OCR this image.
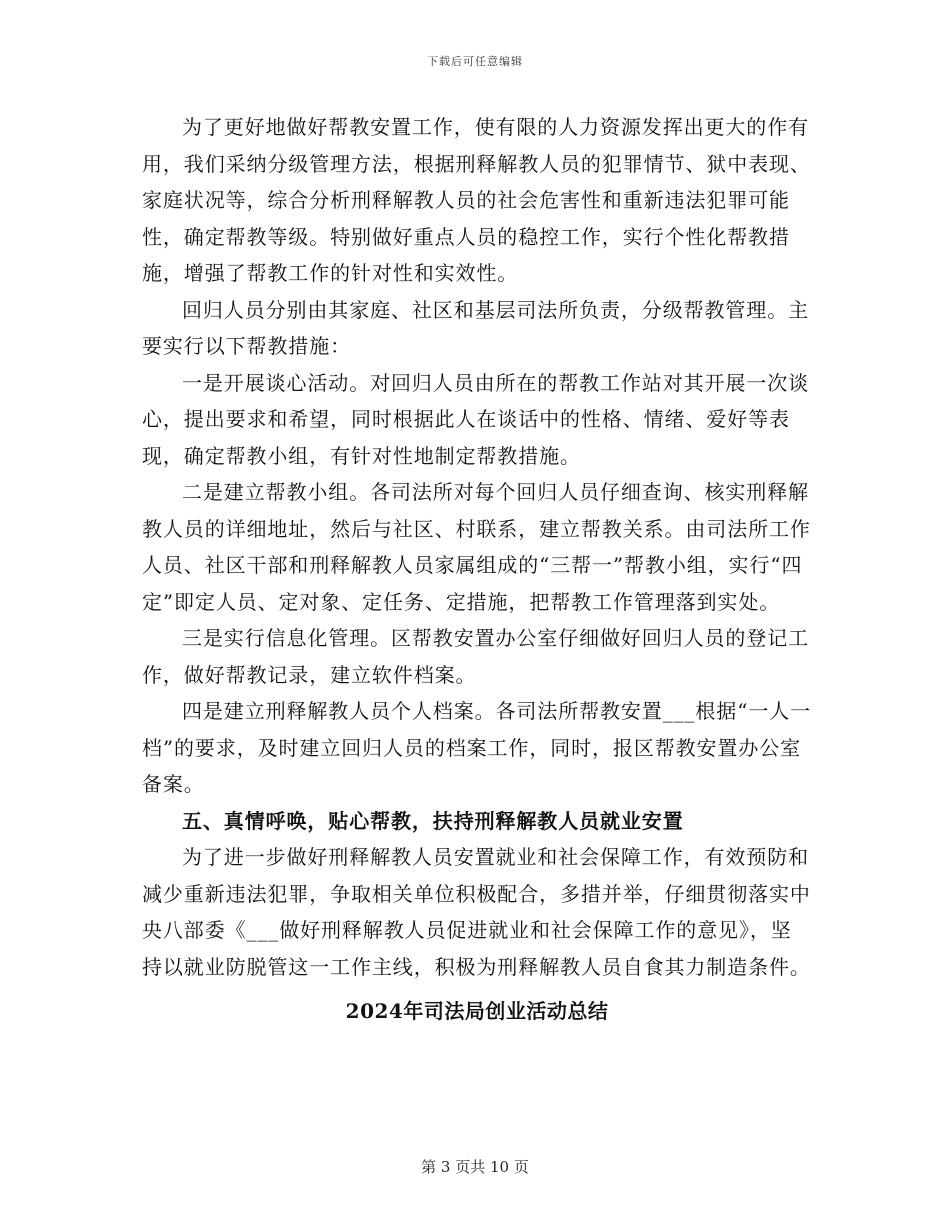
下载后可任意编辑

为了更好地做好帮教安置工作，使有限的人力资源发挥出更大的作有用，我们采纳分级管理方法，根据刑释解教人员的犯罪情节、狱中表现、家庭状况等，综合分析刑释解教人员的社会危害性和重新违法犯罪可能性，确定帮教等级。特别做好重点人员的稳控工作，实行个性化帮教措施，增强了帮教工作的针对性和实效性。

回归人员分别由其家庭、社区和基层司法所负责，分级帮教管理。主要实行以下帮教措施：

一是开展谈心活动。对回归人员由所在的帮教工作站对其开展一次谈心，提出要求和希望，同时根据此人在谈话中的性格、情绪、爱好等表现，确定帮教小组，有针对性地制定帮教措施。

二是建立帮教小组。各司法所对每个回归人员仔细查询、核实刑释解教人员的详细地址，然后与社区、村联系，建立帮教关系。由司法所工作人员、社区干部和刑释解教人员家属组成的“三帮一”帮教小组，实行“四定”即定人员、定对象、定任务、定措施，把帮教工作管理落到实处。

三是实行信息化管理。区帮教安置办公室仔细做好回归人员的登记工作，做好帮教记录，建立软件档案。

四是建立刑释解教人员个人档案。各司法所帮教安置___根据“一人一档”的要求，及时建立回归人员的档案工作，同时，报区帮教安置办公室备案。

五、真情呼唤，贴心帮教，扶持刑释解教人员就业安置

为了进一步做好刑释解教人员安置就业和社会保障工作，有效预防和减少重新违法犯罪，争取相关单位积极配合，多措并举，仔细贯彻落实中央八部委《___做好刑释解教人员促进就业和社会保障工作的意见》，坚持以就业防脱管这一工作主线，积极为刑释解教人员自食其力制造条件。

2024年司法局创业活动总结

第 3 页共 10 页
